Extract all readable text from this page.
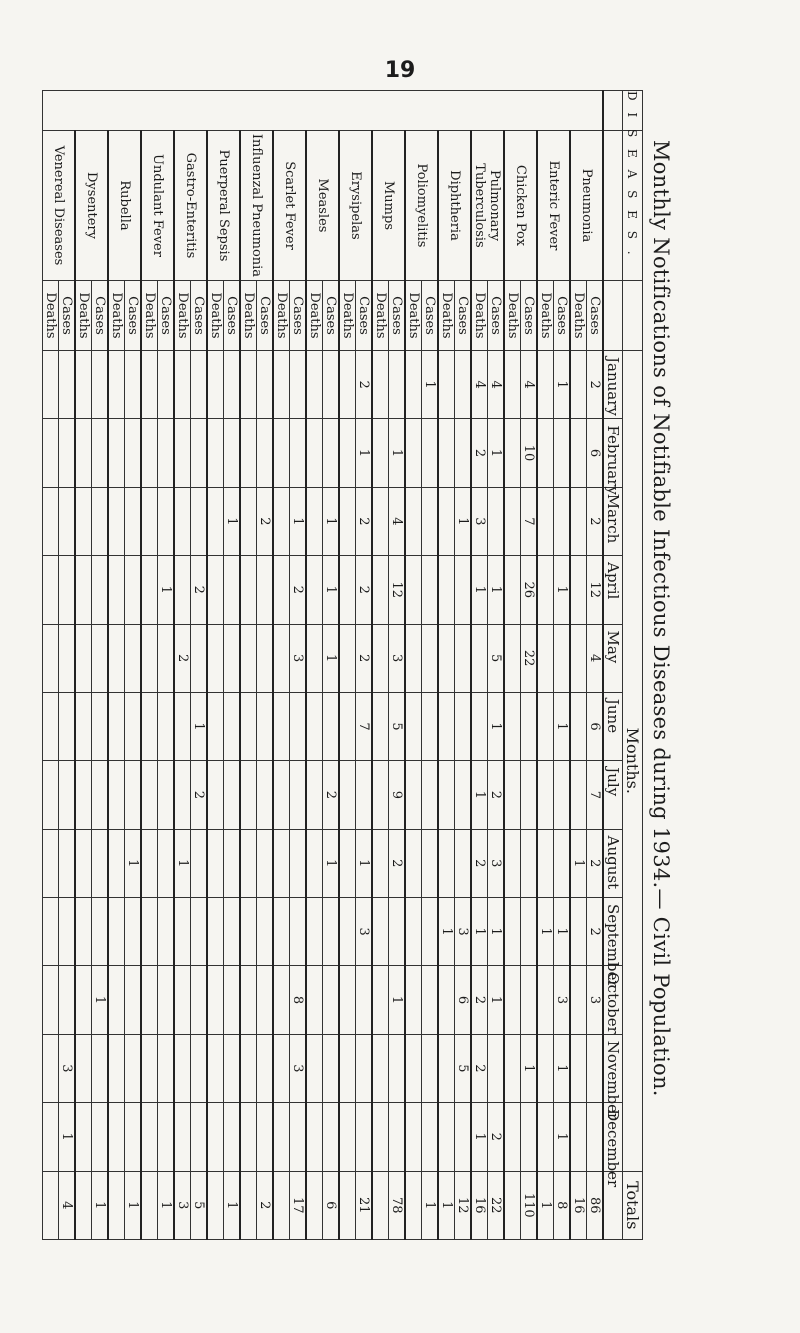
19
Monthly Notifications of Notifiable Infectious Diseases during 1934.— Civil Population.
D I S E A S E S .			Months.												Totals
			January	February	March	April	May	June	July	August	September	October	November	December	
	Pneumonia	Cases	2	6	2	12	4	6	7	2	2	3			86
		Deaths								1					16
	Enteric Fever	Cases	1			1		1			1	3	1	1	8
		Deaths									1				1
	Chicken Pox	Cases	4	10	7	26	22						1		110
		Deaths													
	Pulmonary Tuberculosis	Cases	4	1		1	5	1	2	3	1	1		2	22
		Deaths	4	2	3	1			1	2	1	2	2	1	16
	Diphtheria	Cases			1						3	6	5		12
		Deaths									1				1
	Poliomyelitis	Cases	1												1
		Deaths													
	Mumps	Cases		1	4	12	3	5	9	2		1			78
		Deaths													
	Erysipelas	Cases	2	1	2	2	2	7		1	3				21
		Deaths													
	Measles	Cases			1	1	1		2	1					6
		Deaths													
	Scarlet Fever	Cases			1	2	3					8	3		17
		Deaths													
	Influenzal Pneumonia	Cases			2										2
		Deaths													
	Puerperal Sepsis	Cases			1										1
		Deaths													
	Gastro-Enteritis	Cases				2		1	2						5
		Deaths					2			1					3
	Undulant Fever	Cases				1									1
		Deaths													
	Rubella	Cases								1					1
		Deaths													
	Dysentery	Cases										1			1
		Deaths													
	Venereal Diseases	Cases											3	1	4
		Deaths													
